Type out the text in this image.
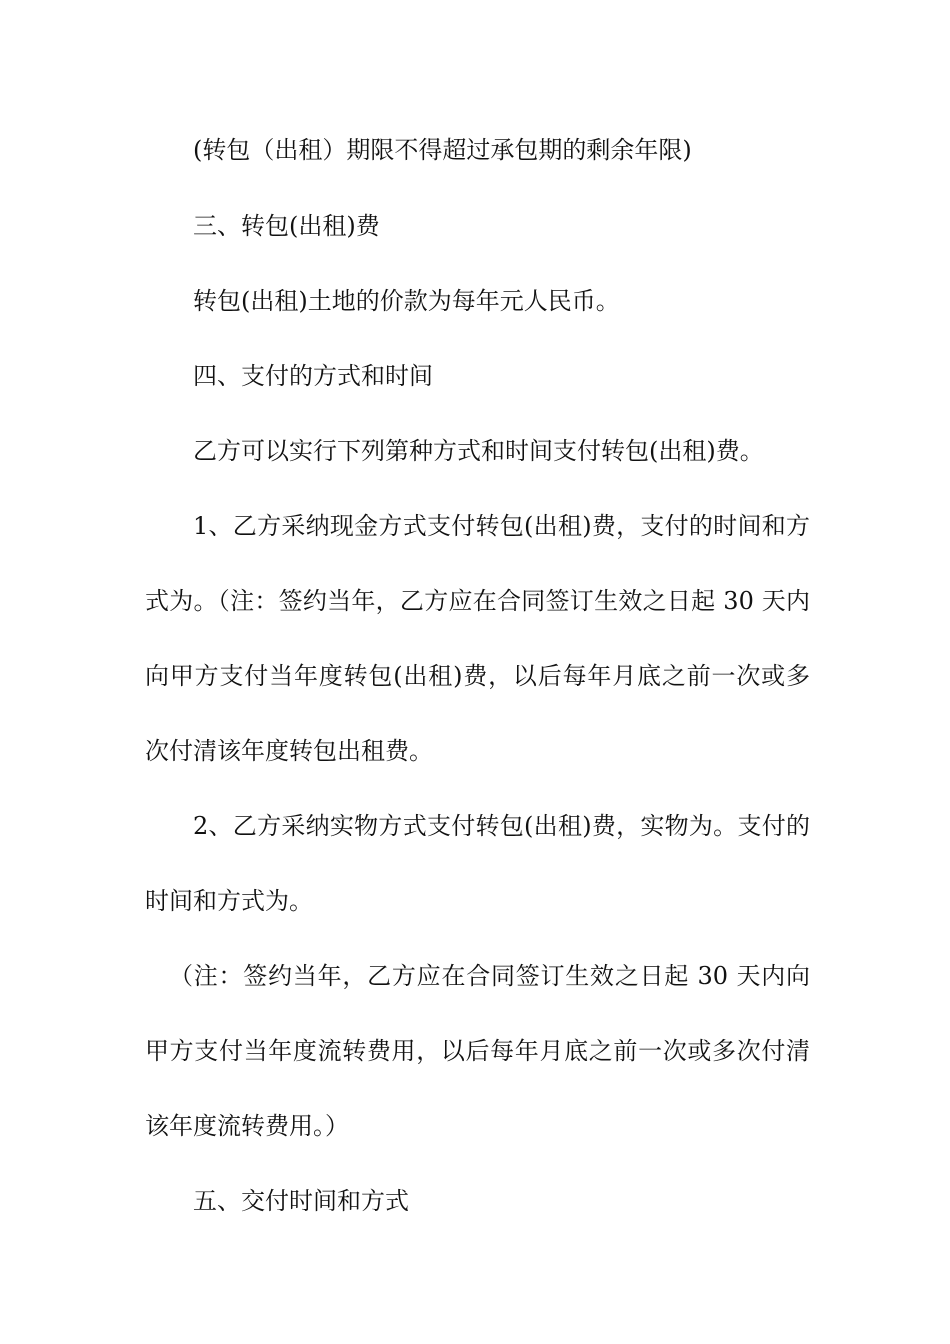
(转包（出租）期限不得超过承包期的剩余年限)

三、转包(出租)费

转包(出租)土地的价款为每年元人民币。

四、支付的方式和时间

乙方可以实行下列第种方式和时间支付转包(出租)费。

1、乙方采纳现金方式支付转包(出租)费，支付的时间和方

式为。（注：签约当年，乙方应在合同签订生效之日起 30 天内

向甲方支付当年度转包(出租)费，以后每年月底之前一次或多

次付清该年度转包出租费。

2、乙方采纳实物方式支付转包(出租)费，实物为。支付的

时间和方式为。

（注：签约当年，乙方应在合同签订生效之日起 30 天内向

甲方支付当年度流转费用，以后每年月底之前一次或多次付清

该年度流转费用。）

五、交付时间和方式
